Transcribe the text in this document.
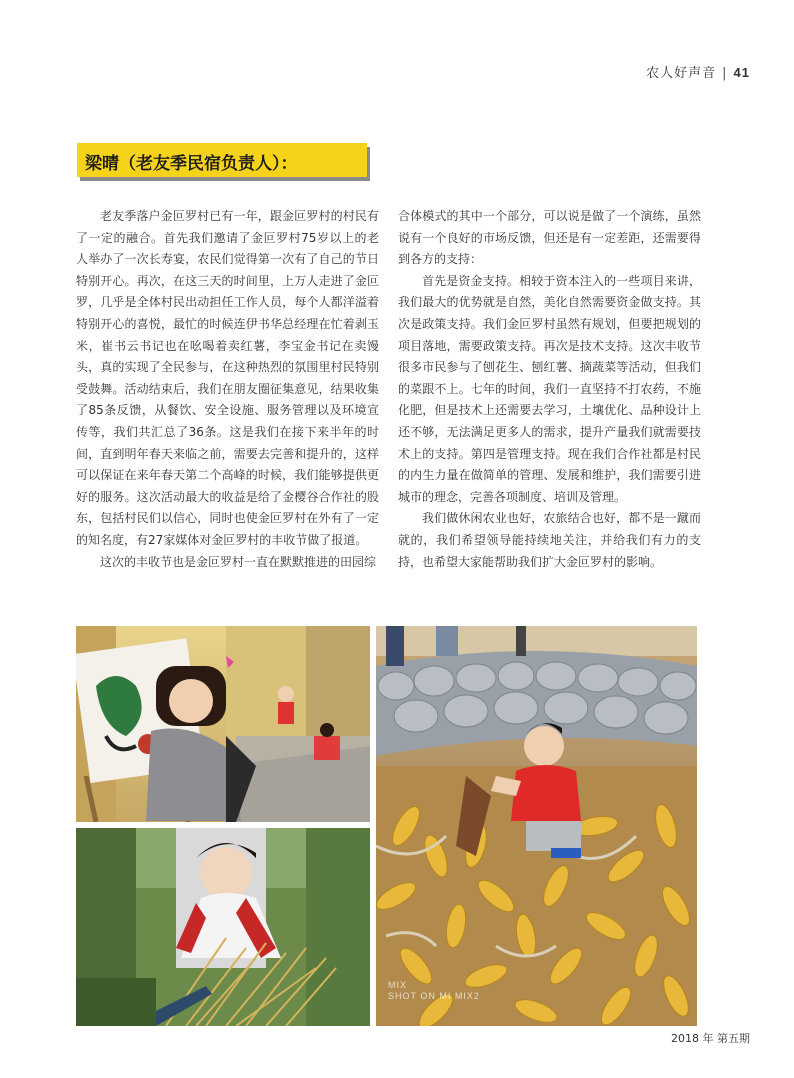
农人好声音 | 41
梁晴（老友季民宿负责人）：

老友季落户金叵罗村已有一年，跟金叵罗村的村民有了一定的融合。首先我们邀请了金叵罗村75岁以上的老人举办了一次长寿宴，农民们觉得第一次有了自己的节日特别开心。再次，在这三天的时间里，上万人走进了金叵罗，几乎是全体村民出动担任工作人员，每个人都洋溢着特别开心的喜悦，最忙的时候连伊书华总经理在忙着剥玉米，崔书云书记也在吆喝着卖红薯，李宝金书记在卖馒头，真的实现了全民参与，在这种热烈的氛围里村民特别受鼓舞。活动结束后，我们在朋友圈征集意见，结果收集了85条反馈，从餐饮、安全设施、服务管理以及环境宣传等，我们共汇总了36条。这是我们在接下来半年的时间，直到明年春天来临之前，需要去完善和提升的，这样可以保证在来年春天第二个高峰的时候，我们能够提供更好的服务。这次活动最大的收益是给了金樱谷合作社的股东，包括村民们以信心，同时也使金叵罗村在外有了一定的知名度，有27家媒体对金叵罗村的丰收节做了报道。

这次的丰收节也是金叵罗村一直在默默推进的田园综

合体模式的其中一个部分，可以说是做了一个演练，虽然说有一个良好的市场反馈，但还是有一定差距，还需要得到各方的支持：

首先是资金支持。相较于资本注入的一些项目来讲，我们最大的优势就是自然，美化自然需要资金做支持。其次是政策支持。我们金叵罗村虽然有规划，但要把规划的项目落地，需要政策支持。再次是技术支持。这次丰收节很多市民参与了刨花生、刨红薯、摘蔬菜等活动，但我们的菜跟不上。七年的时间，我们一直坚持不打农药，不施化肥，但是技术上还需要去学习，土壤优化、品种设计上还不够，无法满足更多人的需求，提升产量我们就需要技术上的支持。第四是管理支持。现在我们合作社都是村民的内生力量在做简单的管理、发展和维护，我们需要引进城市的理念，完善各项制度、培训及管理。

我们做休闲农业也好，农旅结合也好，都不是一蹴而就的，我们希望领导能持续地关注，并给我们有力的支持，也希望大家能帮助我们扩大金叵罗村的影响。

MIX
SHOT ON MI MIX2
2018 年 第五期
